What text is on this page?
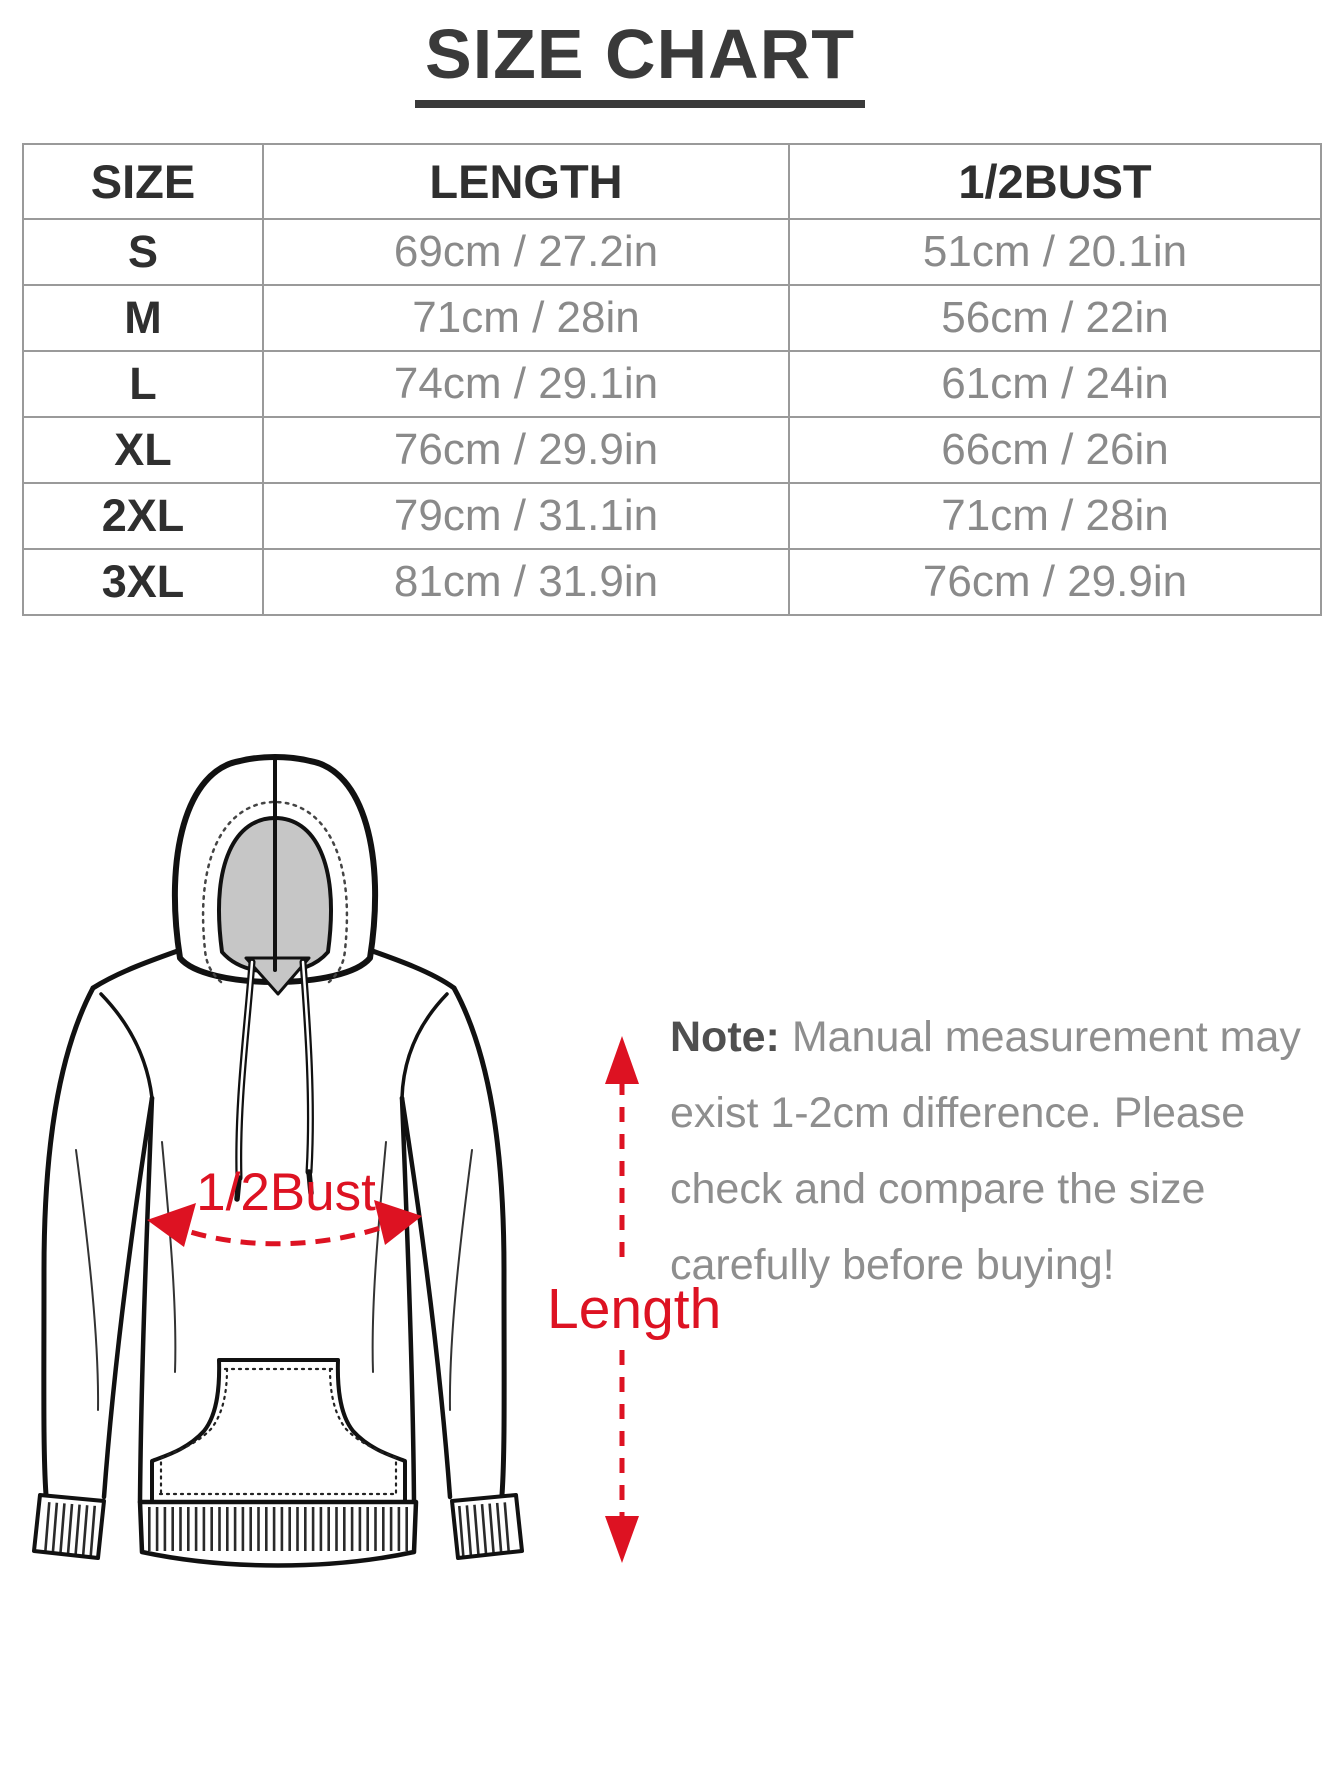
SIZE CHART
SIZE	LENGTH	1/2BUST
S	69cm / 27.2in	51cm / 20.1in
M	71cm / 28in	56cm / 22in
L	74cm / 29.1in	61cm / 24in
XL	76cm / 29.9in	66cm / 26in
2XL	79cm / 31.1in	71cm / 28in
3XL	81cm / 31.9in	76cm / 29.9in
1/2Bust
Length

Note: Manual measurement may
exist 1-2cm difference. Please
check and compare the size
carefully before buying!
